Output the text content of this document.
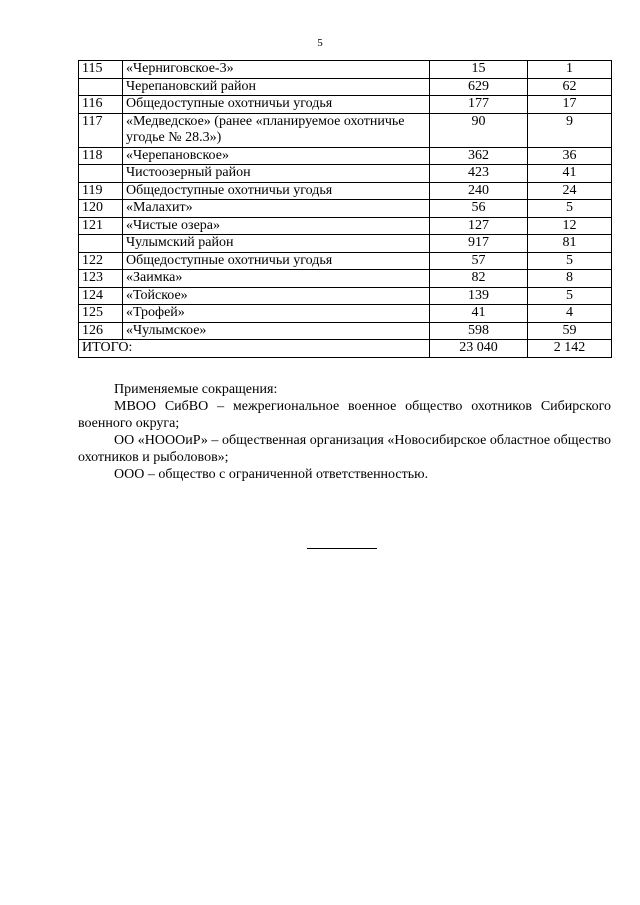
5
115	«Черниговское-3»	15	1
	Черепановский район	629	62
116	Общедоступные охотничьи угодья	177	17
117	«Медведское» (ранее «планируемое охотничье угодье № 28.3»)	90	9
118	«Черепановское»	362	36
	Чистоозерный район	423	41
119	Общедоступные охотничьи угодья	240	24
120	«Малахит»	56	5
121	«Чистые озера»	127	12
	Чулымский район	917	81
122	Общедоступные охотничьи угодья	57	5
123	«Заимка»	82	8
124	«Тойское»	139	5
125	«Трофей»	41	4
126	«Чулымское»	598	59
ИТОГО:		23 040	2 142

Применяемые сокращения:

МВОО СибВО – межрегиональное военное общество охотников Сибирского военного округа;

ОО «НОООиР» – общественная организация «Новосибирское областное общество охотников и рыболовов»;

ООО – общество с ограниченной ответственностью.
